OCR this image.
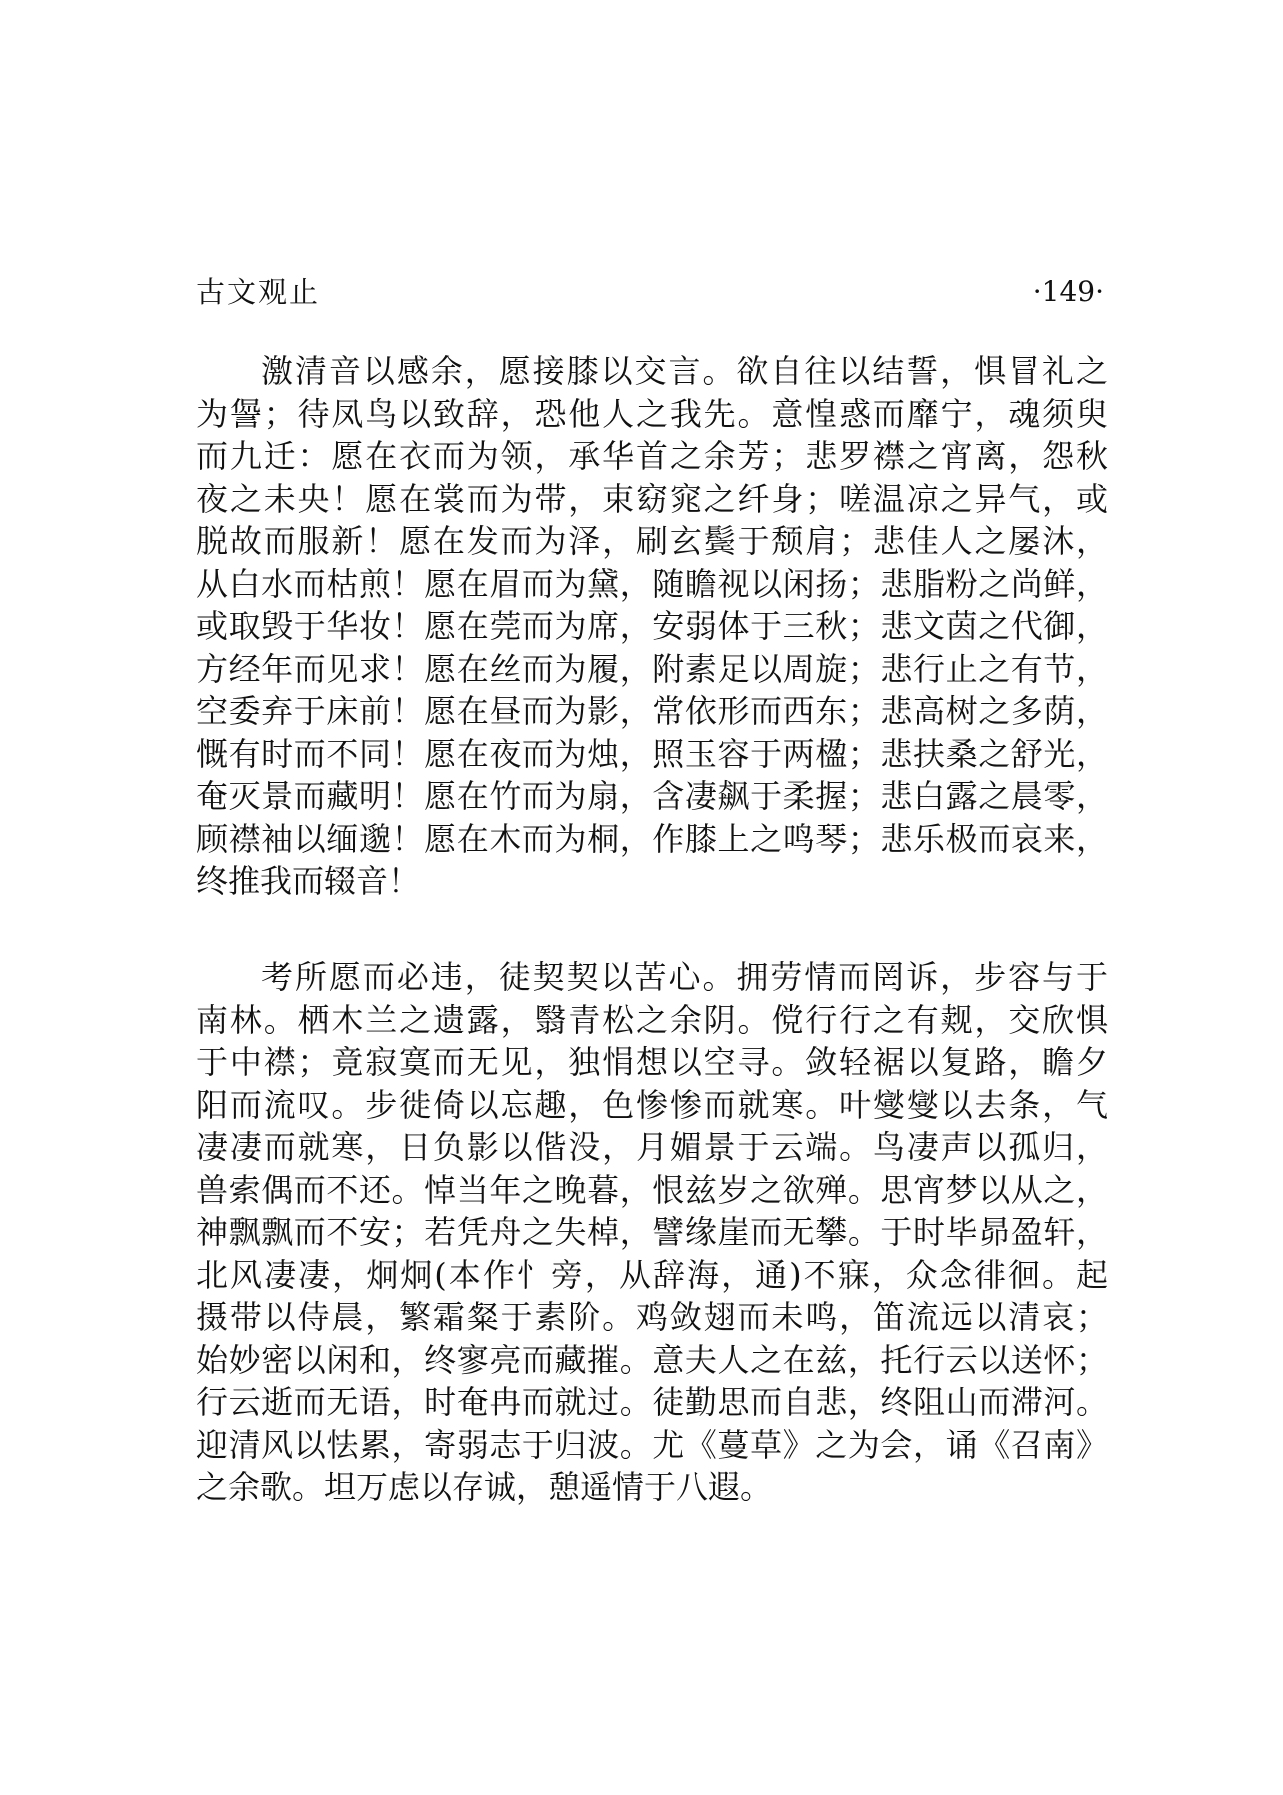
古文观止	·149·

激清音以感余，愿接膝以交言。欲自往以结誓，惧冒礼之
为諐；待凤鸟以致辞，恐他人之我先。意惶惑而靡宁，魂须臾
而九迁：愿在衣而为领，承华首之余芳；悲罗襟之宵离，怨秋
夜之未央！愿在裳而为带，束窈窕之纤身；嗟温凉之异气，或
脱故而服新！愿在发而为泽，刷玄鬓于颓肩；悲佳人之屡沐，
从白水而枯煎！愿在眉而为黛，随瞻视以闲扬；悲脂粉之尚鲜，
或取毁于华妆！愿在莞而为席，安弱体于三秋；悲文茵之代御，
方经年而见求！愿在丝而为履，附素足以周旋；悲行止之有节，
空委弃于床前！愿在昼而为影，常依形而西东；悲高树之多荫，
慨有时而不同！愿在夜而为烛，照玉容于两楹；悲扶桑之舒光，
奄灭景而藏明！愿在竹而为扇，含凄飙于柔握；悲白露之晨零，
顾襟袖以缅邈！愿在木而为桐，作膝上之鸣琴；悲乐极而哀来，
终推我而辍音！

考所愿而必违，徒契契以苦心。拥劳情而罔诉，步容与于
南林。栖木兰之遗露，翳青松之余阴。傥行行之有觌，交欣惧
于中襟；竟寂寞而无见，独悁想以空寻。敛轻裾以复路，瞻夕
阳而流叹。步徙倚以忘趣，色惨惨而就寒。叶燮燮以去条，气
凄凄而就寒，日负影以偕没，月媚景于云端。鸟凄声以孤归，
兽索偶而不还。悼当年之晚暮，恨兹岁之欲殚。思宵梦以从之，
神飘飘而不安；若凭舟之失棹，譬缘崖而无攀。于时毕昴盈轩，
北风凄凄，炯炯(本作忄旁，从辞海，通)不寐，众念徘徊。起
摄带以侍晨，繁霜粲于素阶。鸡敛翅而未鸣，笛流远以清哀；
始妙密以闲和，终寥亮而藏摧。意夫人之在兹，托行云以送怀；
行云逝而无语，时奄冉而就过。徒勤思而自悲，终阻山而滞河。
迎清风以怯累，寄弱志于归波。尤《蔓草》之为会，诵《召南》
之余歌。坦万虑以存诚，憩遥情于八遐。
